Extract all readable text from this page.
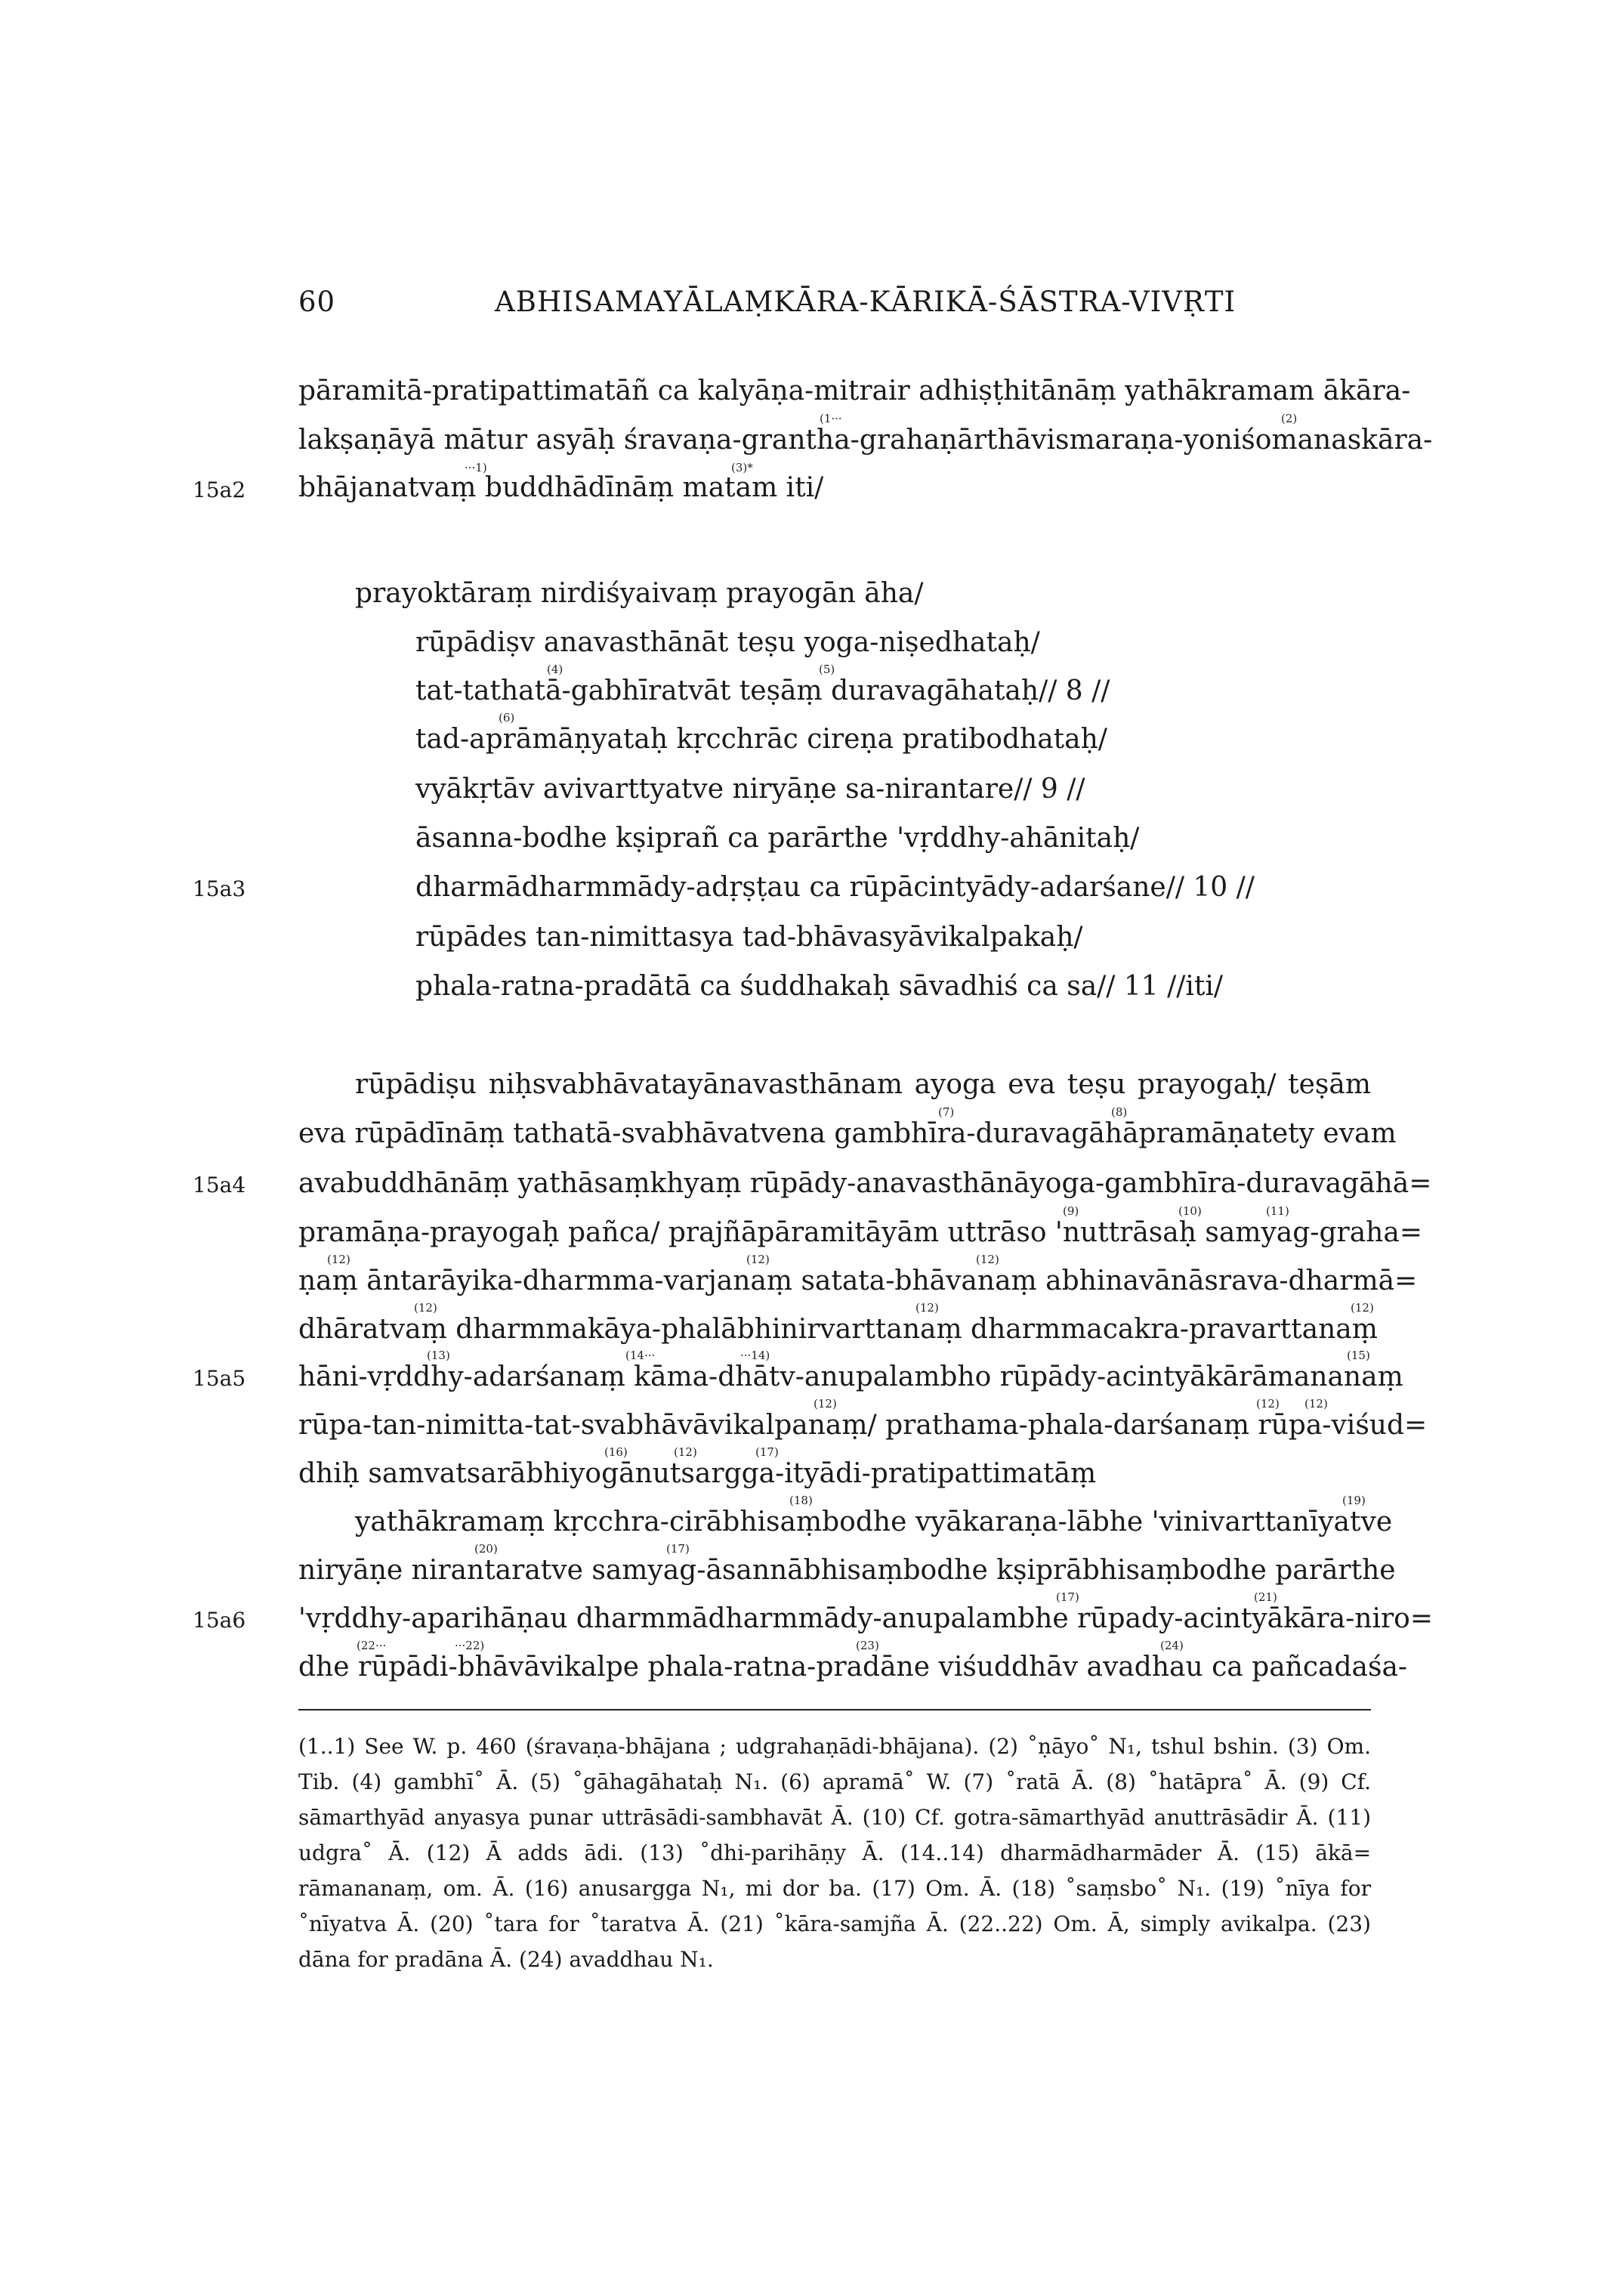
60	ABHISAMAYĀLAṂKĀRA-KĀRIKĀ-ŚĀSTRA-VIVṚTI
pāramitā-pratipattimatāñ ca kalyāṇa-mitrair adhiṣṭhitānāṃ yathākramam ākāra-
(1···	(2)
lakṣaṇāyā mātur asyāḥ śravaṇa-grantha-grahaṇārthāvismaraṇa-yoniśomanaskāra-
···1)	(3)*
15a2 bhājanatvaṃ buddhādīnāṃ matam iti/
prayoktāraṃ nirdiśyaivaṃ prayogān āha/
rūpādiṣv anavasthānāt teṣu yoga-niṣedhataḥ/
(4)	(5)
tat-tathatā-gabhīratvāt teṣāṃ duravagāhataḥ// 8 //
(6)
tad-aprāmāṇyataḥ kṛcchrāc cireṇa pratibodhataḥ/
vyākṛtāv avivarttyatve niryāṇe sa-nirantare// 9 //
āsanna-bodhe kṣiprañ ca parārthe 'vṛddhy-ahānitaḥ/
15a3	dharmādharmmādy-adṛṣṭau ca rūpācintyādy-adarśane// 10 //
rūpādes tan-nimittasya tad-bhāvasyāvikalpakaḥ/
phala-ratna-pradātā ca śuddhakaḥ sāvadhiś ca sa// 11 //iti/
rūpādiṣu niḥsvabhāvatayānavasthānam ayoga eva teṣu prayogaḥ/ teṣām
(7)	(8)
eva rūpādīnāṃ tathatā-svabhāvatvena gambhīra-duravagāhāpramāṇatety evam
15a4 avabuddhānāṃ yathāsaṃkhyaṃ rūpādy-anavasthānāyoga-gambhīra-duravagāhā=
(9)	(10)	(11)
pramāṇa-prayogaḥ pañca/ prajñāpāramitāyām uttrāso 'nuttrāsaḥ samyag-graha=
(12)	(12)	(12)
ṇaṃ āntarāyika-dharmma-varjanaṃ satata-bhāvanaṃ abhinavānāsrava-dharmā=
(12)	(12)	(12)
dhāratvaṃ dharmmakāya-phalābhinirvarttanaṃ dharmmacakra-pravarttanaṃ
(13)	(14···	···14)	(15)
15a5 hāni-vṛddhy-adarśanaṃ kāma-dhātv-anupalambho rūpādy-acintyākārāmananaṃ
(12)	(12) (12)
rūpa-tan-nimitta-tat-svabhāvāvikalpanaṃ/ prathama-phala-darśanaṃ rūpa-viśud=
(16)	(12)	(17)
dhiḥ samvatsarābhiyogānutsargga-ityādi-pratipattimatāṃ
(18)	(19)
yathākramaṃ kṛcchra-cirābhisaṃbodhe vyākaraṇa-lābhe 'vinivarttanīyatve
(20)	(17)
niryāṇe nirantaratve samyag-āsannābhisaṃbodhe kṣiprābhisaṃbodhe parārthe
(17)	(21)
15a6 'vṛddhy-aparihāṇau dharmmādharmmādy-anupalambhe rūpady-acintyākāra-niro=
(22···	···22)	(23)	(24)
dhe rūpādi-bhāvāvikalpe phala-ratna-pradāne viśuddhāv avadhau ca pañcadaśa-
(1..1) See W. p. 460 (śravaṇa-bhājana ; udgrahaṇādi-bhājana). (2) ˚ṇāyo˚ N₁, tshul bshin. (3) Om. Tib. (4) gambhī˚ Ā. (5) ˚gāhagāhataḥ N₁. (6) apramā˚ W. (7) ˚ratā Ā. (8) ˚hatāpra˚ Ā. (9) Cf. sāmarthyād anyasya punar uttrāsādi-sambhavāt Ā. (10) Cf. gotra-sāmarthyād anuttrāsādir Ā. (11) udgra˚ Ā. (12) Ā adds ādi. (13) ˚dhi-parihāṇy Ā. (14..14) dharmādharmāder Ā. (15) ākā= rāmananaṃ, om. Ā. (16) anusargga N₁, mi dor ba. (17) Om. Ā. (18) ˚saṃsbo˚ N₁. (19) ˚nīya for ˚nīyatva Ā. (20) ˚tara for ˚taratva Ā. (21) ˚kāra-samjña Ā. (22..22) Om. Ā, simply avikalpa. (23) dāna for pradāna Ā. (24) avaddhau N₁.
